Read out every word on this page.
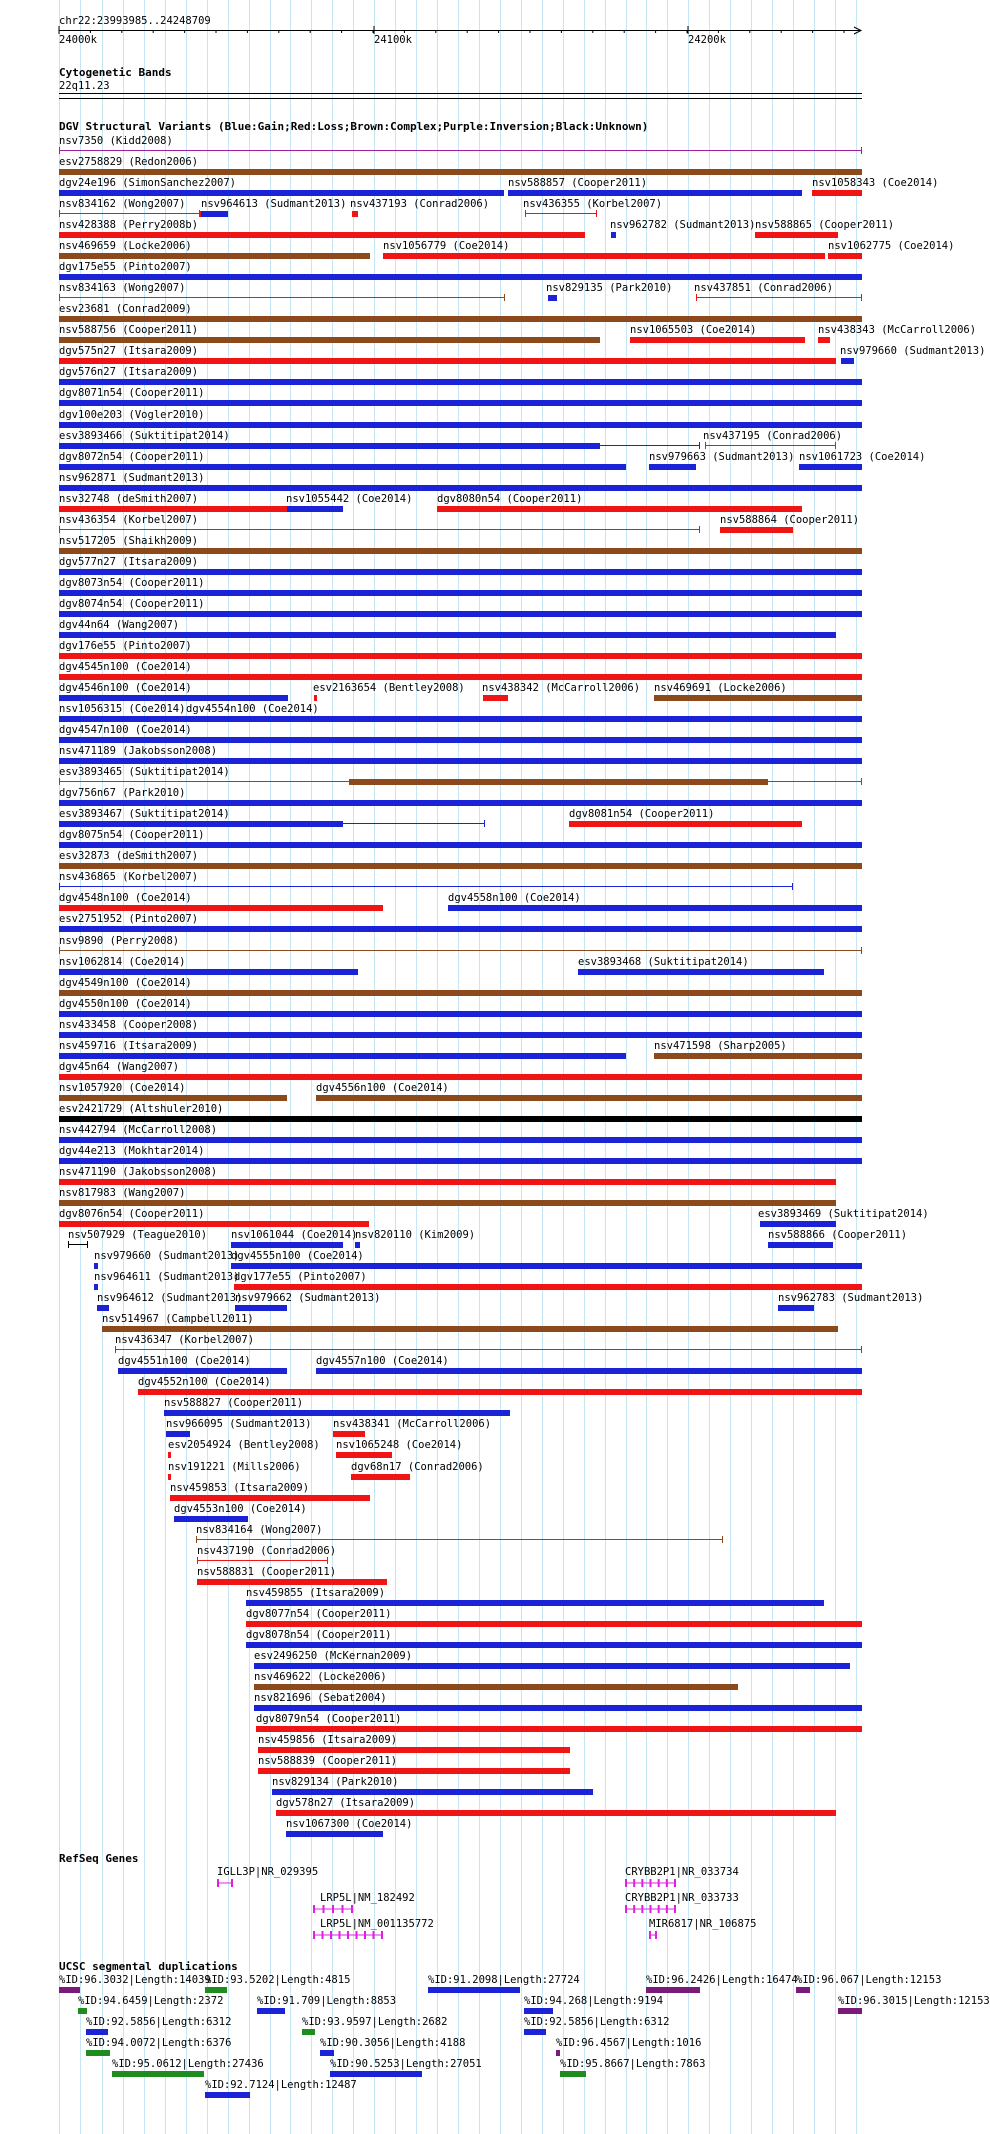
chr22:23993985..24248709
24000k	24100k	24200k
Cytogenetic Bands
22q11.23
DGV Structural Variants (Blue:Gain;Red:Loss;Brown:Complex;Purple:Inversion;Black:Unknown)
nsv7350 (Kidd2008)
esv2758829 (Redon2006)
dgv24e196 (SimonSanchez2007)	nsv588857 (Cooper2011)	nsv1058343 (Coe2014)
nsv834162 (Wong2007) nsv964613 (Sudmant2013) nsv437193 (Conrad2006)	nsv436355 (Korbel2007)
nsv428388 (Perry2008b)	nsv962782 (Sudmant2013) nsv588865 (Cooper2011)
nsv469659 (Locke2006)	nsv1056779 (Coe2014)	nsv1062775 (Coe2014)
dgv175e55 (Pinto2007)
nsv834163 (Wong2007)	nsv829135 (Park2010) nsv437851 (Conrad2006)
esv23681 (Conrad2009)
nsv588756 (Cooper2011)	nsv1065503 (Coe2014)	nsv438343 (McCarroll2006)
dgv575n27 (Itsara2009)	nsv979660 (Sudmant2013)
dgv576n27 (Itsara2009)
dgv8071n54 (Cooper2011)
dgv100e203 (Vogler2010)
esv3893466 (Suktitipat2014)	nsv437195 (Conrad2006)
dgv8072n54 (Cooper2011)	nsv979663 (Sudmant2013) nsv1061723 (Coe2014)
nsv962871 (Sudmant2013)
nsv32748 (deSmith2007)	nsv1055442 (Coe2014) dgv8080n54 (Cooper2011)
nsv436354 (Korbel2007)	nsv588864 (Cooper2011)
nsv517205 (Shaikh2009)
dgv577n27 (Itsara2009)
dgv8073n54 (Cooper2011)
dgv8074n54 (Cooper2011)
dgv44n64 (Wang2007)
dgv176e55 (Pinto2007)
dgv4545n100 (Coe2014)
dgv4546n100 (Coe2014)	esv2163654 (Bentley2008) nsv438342 (McCarroll2006) nsv469691 (Locke2006)
nsv1056315 (Coe2014) dgv4554n100 (Coe2014)
dgv4547n100 (Coe2014)
nsv471189 (Jakobsson2008)
esv3893465 (Suktitipat2014)
dgv756n67 (Park2010)
esv3893467 (Suktitipat2014)	dgv8081n54 (Cooper2011)
dgv8075n54 (Cooper2011)
esv32873 (deSmith2007)
nsv436865 (Korbel2007)
dgv4548n100 (Coe2014)	dgv4558n100 (Coe2014)
esv2751952 (Pinto2007)
nsv9890 (Perry2008)
nsv1062814 (Coe2014)	esv3893468 (Suktitipat2014)
dgv4549n100 (Coe2014)
dgv4550n100 (Coe2014)
nsv433458 (Cooper2008)
nsv459716 (Itsara2009)	nsv471598 (Sharp2005)
dgv45n64 (Wang2007)
nsv1057920 (Coe2014)	dgv4556n100 (Coe2014)
esv2421729 (Altshuler2010)
nsv442794 (McCarroll2008)
dgv44e213 (Mokhtar2014)
nsv471190 (Jakobsson2008)
nsv817983 (Wang2007)
dgv8076n54 (Cooper2011)	esv3893469 (Suktitipat2014)
nsv507929 (Teague2010) nsv1061044 (Coe2014)
nsv820110 (Kim2009)	nsv588866 (Cooper2011)
nsv979660 (Sudmant2013)
dgv4555n100 (Coe2014)
nsv964611 (Sudmant2013)
dgv177e55 (Pinto2007)
nsv964612 (Sudmant2013)
nsv979662 (Sudmant2013)	nsv962783 (Sudmant2013)
nsv514967 (Campbell2011)
nsv436347 (Korbel2007)
dgv4551n100 (Coe2014)	dgv4557n100 (Coe2014)
dgv4552n100 (Coe2014)
nsv588827 (Cooper2011)
nsv966095 (Sudmant2013) nsv438341 (McCarroll2006)
esv2054924 (Bentley2008) nsv1065248 (Coe2014)
nsv191221 (Mills2006)	dgv68n17 (Conrad2006)
nsv459853 (Itsara2009)
dgv4553n100 (Coe2014)
nsv834164 (Wong2007)
nsv437190 (Conrad2006)
nsv588831 (Cooper2011)
nsv459855 (Itsara2009)
dgv8077n54 (Cooper2011)
dgv8078n54 (Cooper2011)
esv2496250 (McKernan2009)
nsv469622 (Locke2006)
nsv821696 (Sebat2004)
dgv8079n54 (Cooper2011)
nsv459856 (Itsara2009)
nsv588839 (Cooper2011)
nsv829134 (Park2010)
dgv578n27 (Itsara2009)
nsv1067300 (Coe2014)
RefSeq Genes
IGLL3P|NR_029395	CRYBB2P1|NR_033734
LRP5L|NM_182492	CRYBB2P1|NR_033733
LRP5L|NM_001135772	MIR6817|NR_106875
UCSC segmental duplications
%ID:96.3032|Length:14039
%ID:93.5202|Length:4815	%ID:91.2098|Length:27724	%ID:96.2426|Length:16474
%ID:96.067|Length:12153
%ID:94.6459|Length:2372	%ID:91.709|Length:8853	%ID:94.268|Length:9194	%ID:96.3015|Length:12153
%ID:92.5856|Length:6312	%ID:93.9597|Length:2682	%ID:92.5856|Length:6312
%ID:94.0072|Length:6376	%ID:90.3056|Length:4188	%ID:96.4567|Length:1016
%ID:95.0612|Length:27436	%ID:90.5253|Length:27051	%ID:95.8667|Length:7863
%ID:92.7124|Length:12487
